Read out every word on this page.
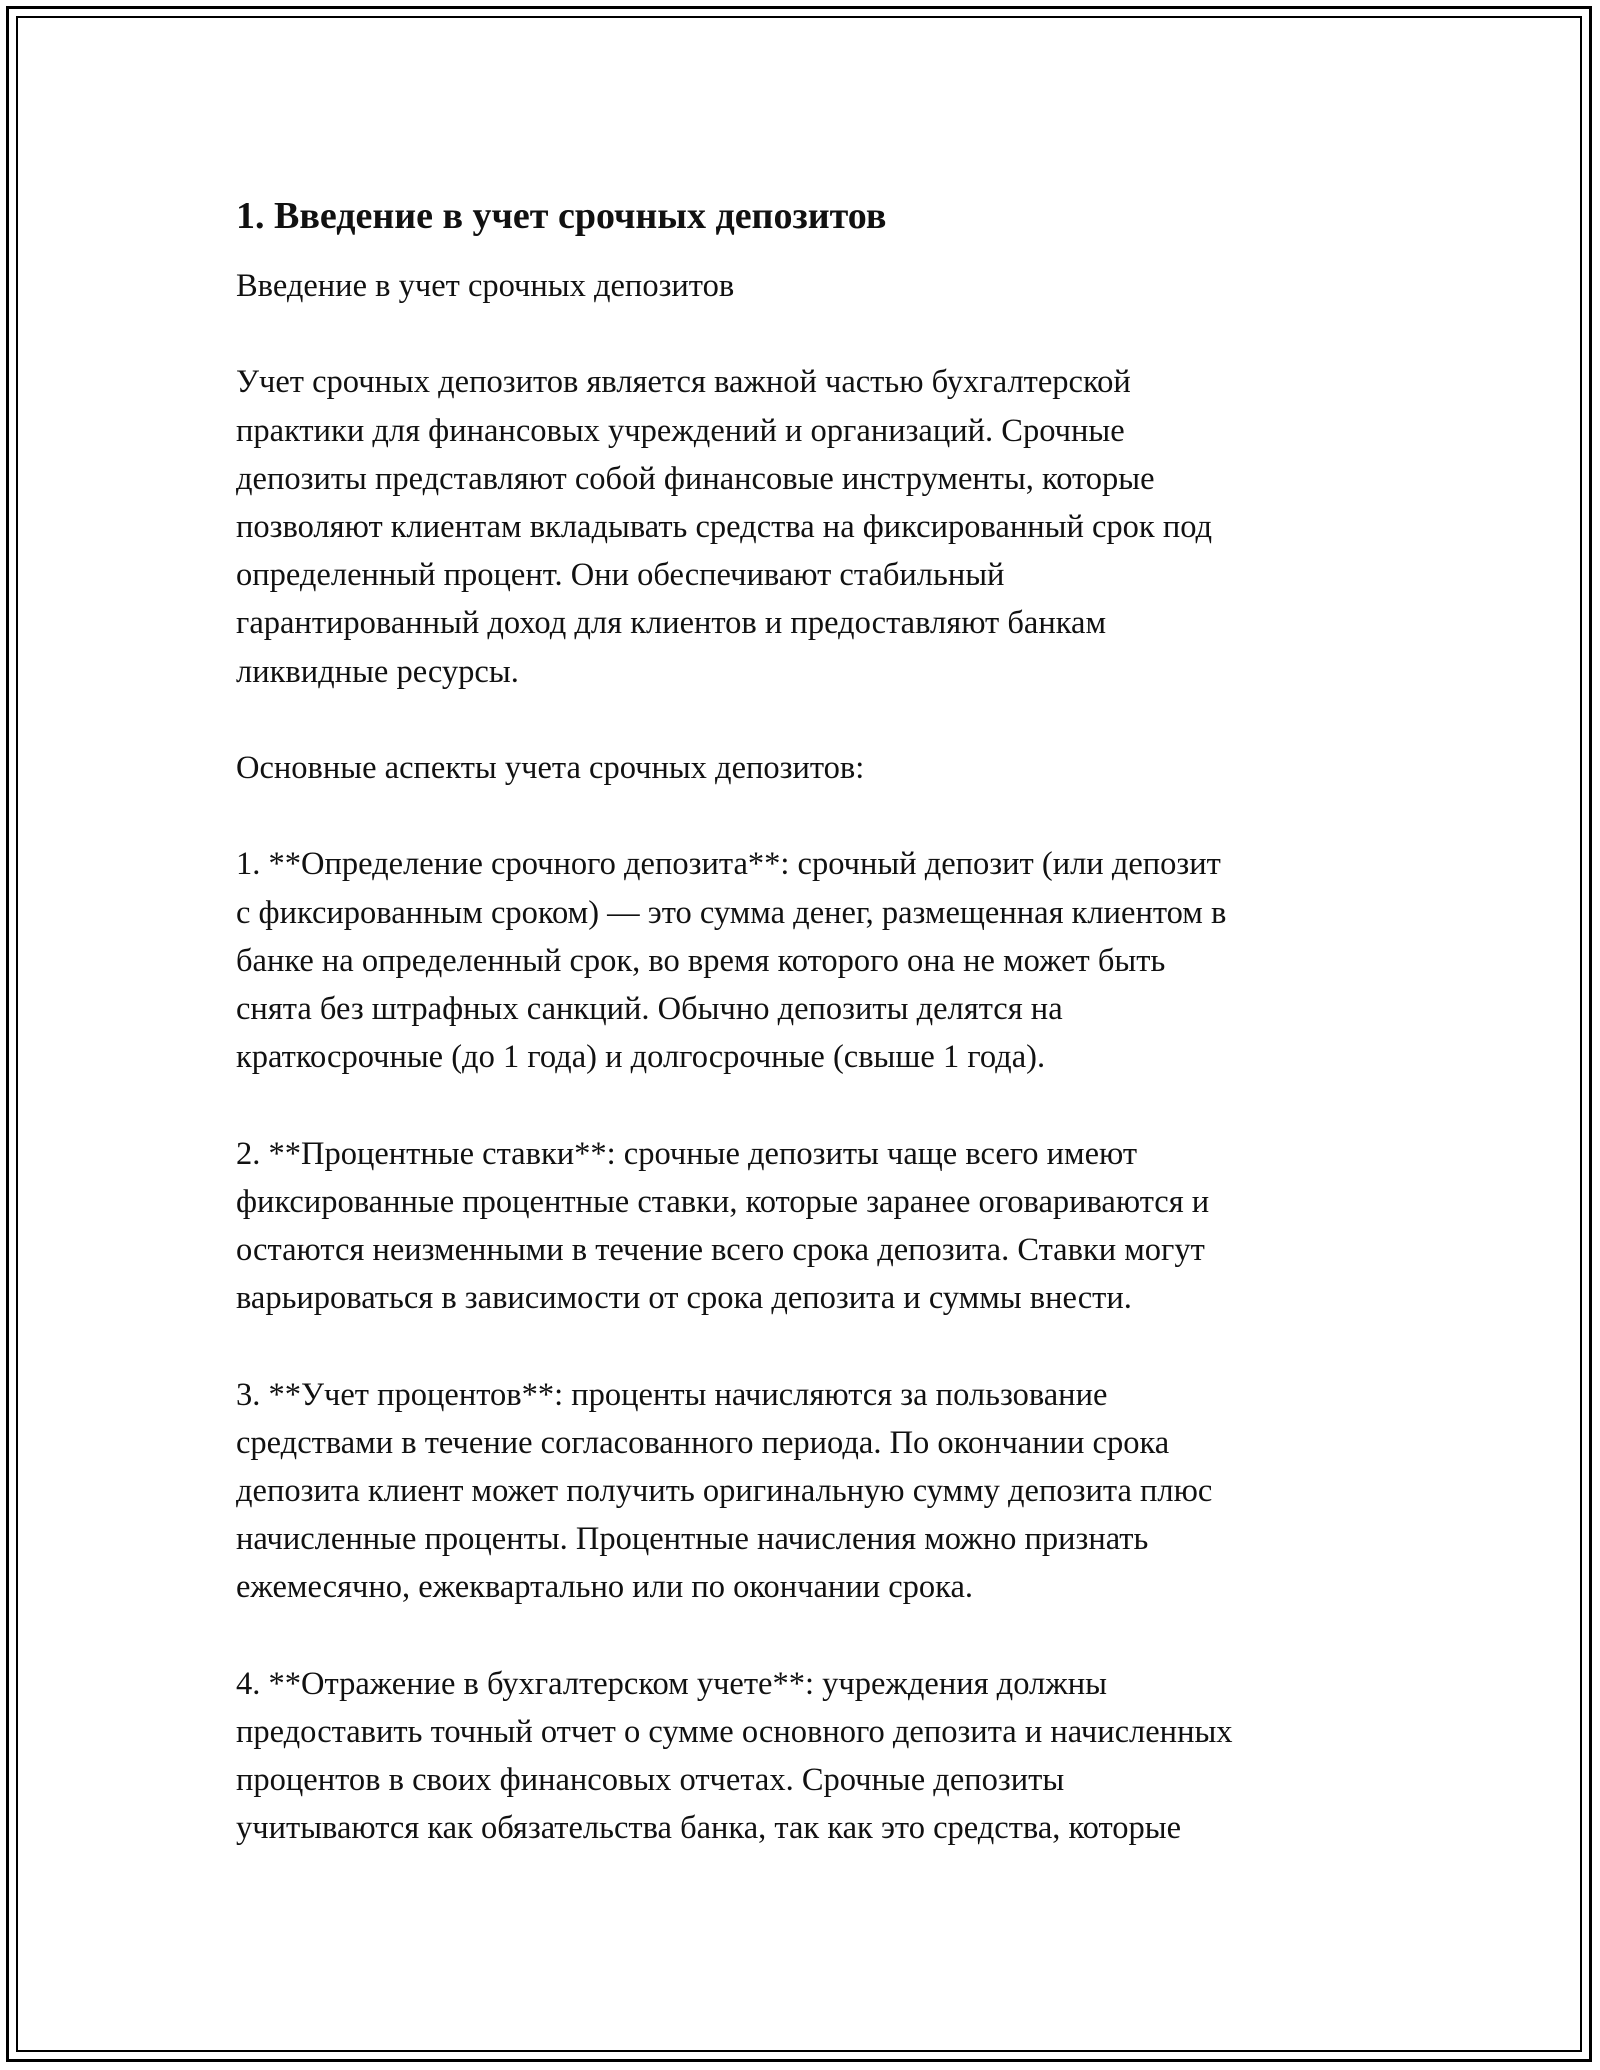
1. Введение в учет срочных депозитов

Введение в учет срочных депозитов

Учет срочных депозитов является важной частью бухгалтерской
практики для финансовых учреждений и организаций. Срочные
депозиты представляют собой финансовые инструменты, которые
позволяют клиентам вкладывать средства на фиксированный срок под
определенный процент. Они обеспечивают стабильный
гарантированный доход для клиентов и предоставляют банкам
ликвидные ресурсы.

Основные аспекты учета срочных депозитов:

1. **Определение срочного депозита**: срочный депозит (или депозит
с фиксированным сроком) — это сумма денег, размещенная клиентом в
банке на определенный срок, во время которого она не может быть
снята без штрафных санкций. Обычно депозиты делятся на
краткосрочные (до 1 года) и долгосрочные (свыше 1 года).

2. **Процентные ставки**: срочные депозиты чаще всего имеют
фиксированные процентные ставки, которые заранее оговариваются и
остаются неизменными в течение всего срока депозита. Ставки могут
варьироваться в зависимости от срока депозита и суммы внести.

3. **Учет процентов**: проценты начисляются за пользование
средствами в течение согласованного периода. По окончании срока
депозита клиент может получить оригинальную сумму депозита плюс
начисленные проценты. Процентные начисления можно признать
ежемесячно, ежеквартально или по окончании срока.

4. **Отражение в бухгалтерском учете**: учреждения должны
предоставить точный отчет о сумме основного депозита и начисленных
процентов в своих финансовых отчетах. Срочные депозиты
учитываются как обязательства банка, так как это средства, которые
